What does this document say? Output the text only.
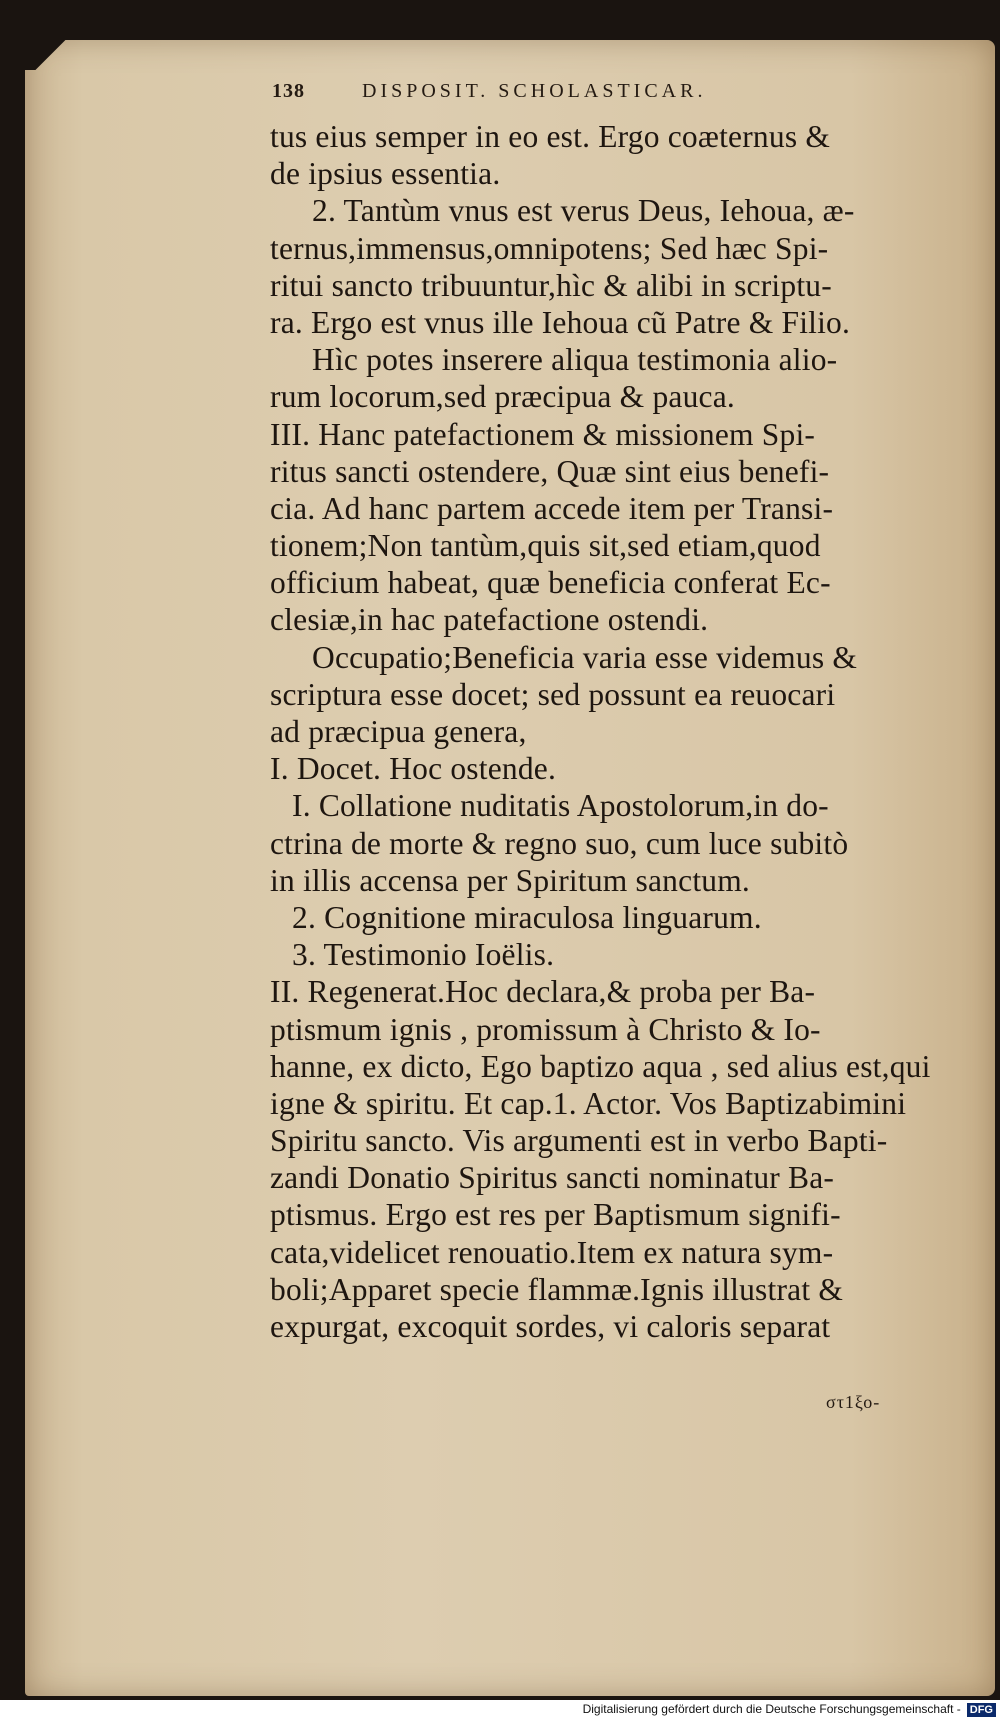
138	DISPOSIT. SCHOLASTICAR.
tus eius semper in eo est. Ergo coæternus &
de ipsius essentia.
2. Tantùm vnus est verus Deus, Iehoua, æ-
ternus,immensus,omnipotens; Sed hæc Spi-
ritui sancto tribuuntur,hìc & alibi in scriptu-
ra. Ergo est vnus ille Iehoua cũ Patre & Filio.
Hìc potes inserere aliqua testimonia alio-
rum locorum,sed præcipua & pauca.
III. Hanc patefactionem & missionem Spi-
ritus sancti ostendere, Quæ sint eius benefi-
cia. Ad hanc partem accede item per Transi-
tionem;Non tantùm,quis sit,sed etiam,quod
officium habeat, quæ beneficia conferat Ec-
clesiæ,in hac patefactione ostendi.
Occupatio;Beneficia varia esse videmus &
scriptura esse docet; sed possunt ea reuocari
ad præcipua genera,
I. Docet. Hoc ostende.
I. Collatione nuditatis Apostolorum,in do-
ctrina de morte & regno suo, cum luce subitò
in illis accensa per Spiritum sanctum.
2. Cognitione miraculosa linguarum.
3. Testimonio Ioëlis.
II. Regenerat.Hoc declara,& proba per Ba-
ptismum ignis , promissum à Christo & Io-
hanne, ex dicto, Ego baptizo aqua , sed alius est,qui
igne & spiritu. Et cap.1. Actor. Vos Baptizabimini
Spiritu sancto. Vis argumenti est in verbo Bapti-
zandi Donatio Spiritus sancti nominatur Ba-
ptismus. Ergo est res per Baptismum signifi-
cata,videlicet renouatio.Item ex natura sym-
boli;Apparet specie flammæ.Ignis illustrat &
expurgat, excoquit sordes, vi caloris separat
στ1ξο-
Digitalisierung gefördert durch die Deutsche Forschungsgemeinschaft - DFG
